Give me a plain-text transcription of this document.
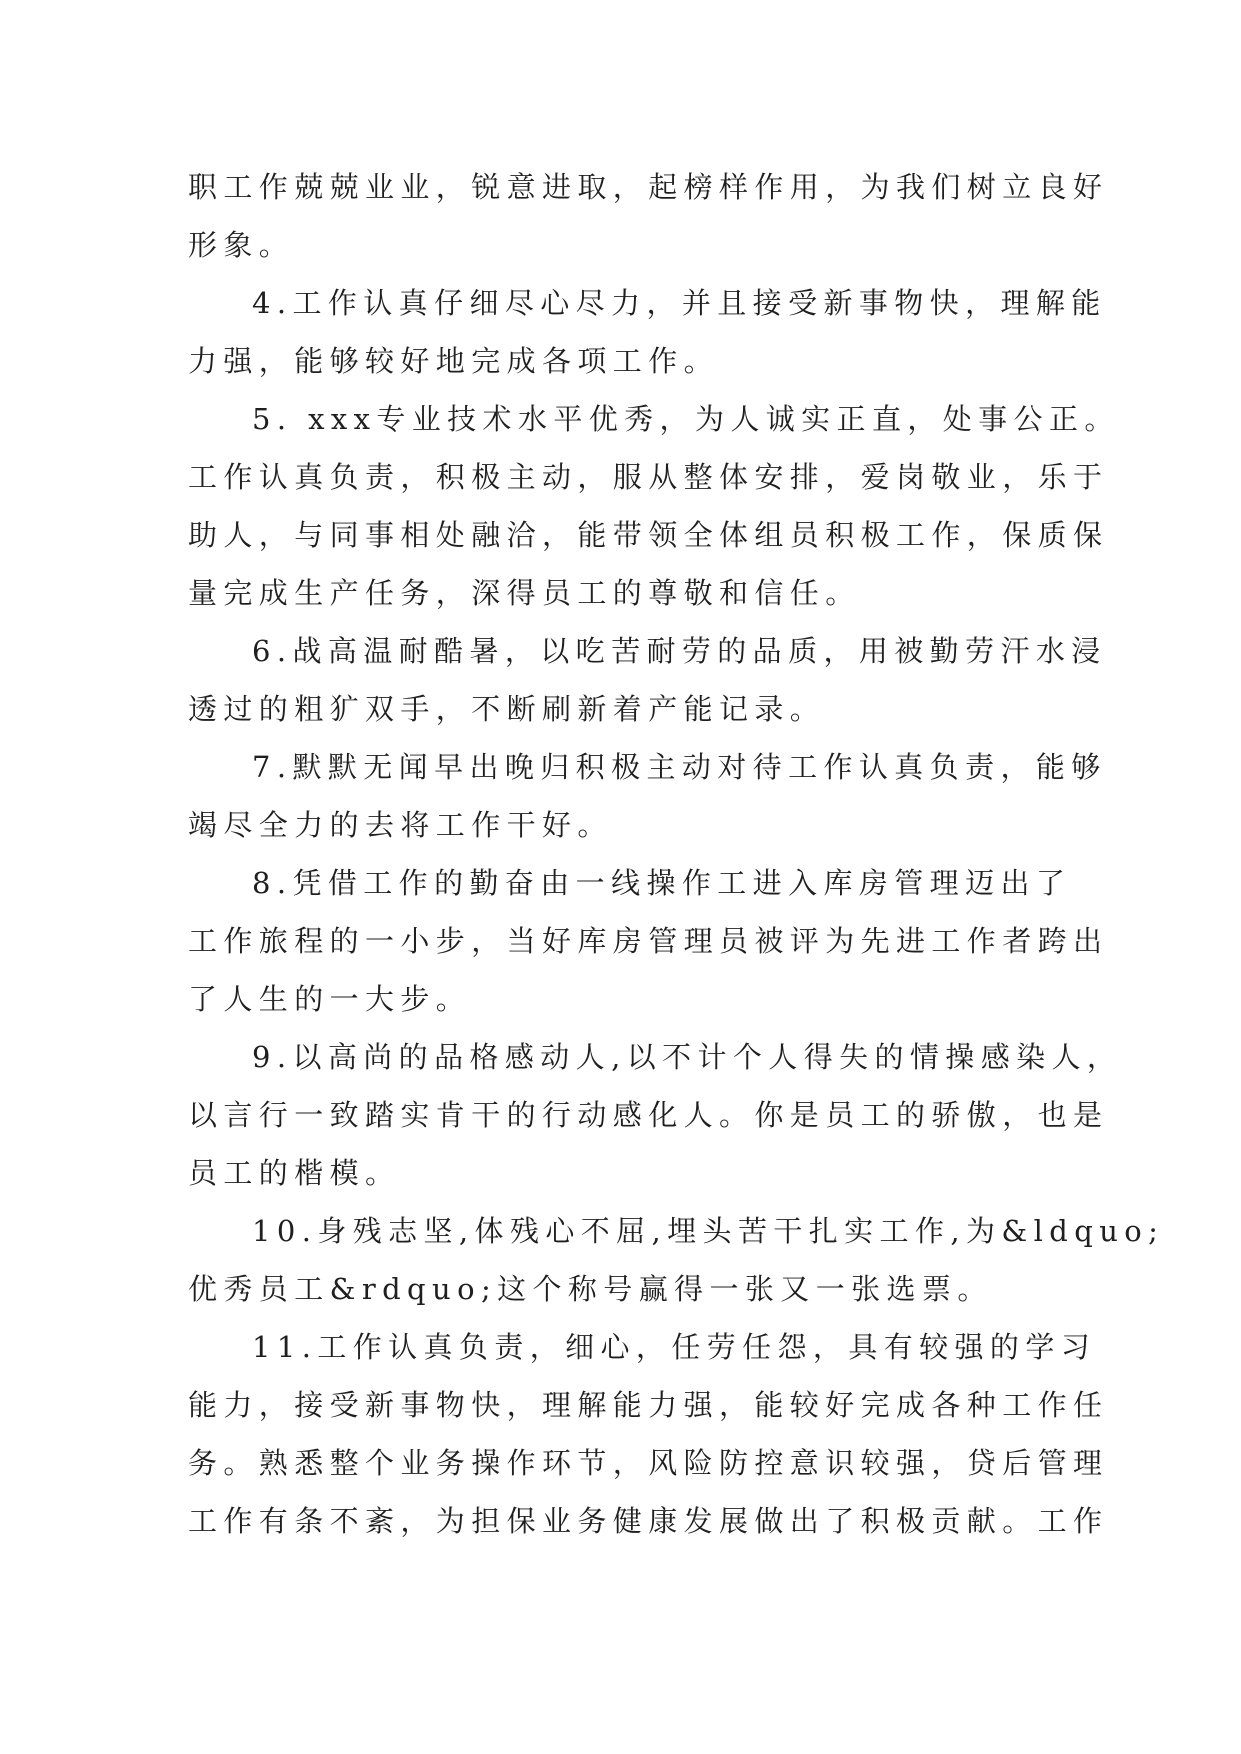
职工作兢兢业业，锐意进取，起榜样作用，为我们树立良好
形象。

4.工作认真仔细尽心尽力，并且接受新事物快，理解能
力强，能够较好地完成各项工作。

5. xxx专业技术水平优秀，为人诚实正直，处事公正。
工作认真负责，积极主动，服从整体安排，爱岗敬业，乐于
助人，与同事相处融洽，能带领全体组员积极工作，保质保
量完成生产任务，深得员工的尊敬和信任。

6.战高温耐酷暑，以吃苦耐劳的品质，用被勤劳汗水浸
透过的粗犷双手，不断刷新着产能记录。

7.默默无闻早出晚归积极主动对待工作认真负责，能够
竭尽全力的去将工作干好。

8.凭借工作的勤奋由一线操作工进入库房管理迈出了
工作旅程的一小步，当好库房管理员被评为先进工作者跨出
了人生的一大步。

9.以高尚的品格感动人,以不计个人得失的情操感染人，
以言行一致踏实肯干的行动感化人。你是员工的骄傲，也是
员工的楷模。

10.身残志坚,体残心不屈,埋头苦干扎实工作,为&ldquo;
优秀员工&rdquo;这个称号赢得一张又一张选票。

11.工作认真负责，细心，任劳任怨，具有较强的学习
能力，接受新事物快，理解能力强，能较好完成各种工作任
务。熟悉整个业务操作环节，风险防控意识较强，贷后管理
工作有条不紊，为担保业务健康发展做出了积极贡献。工作
